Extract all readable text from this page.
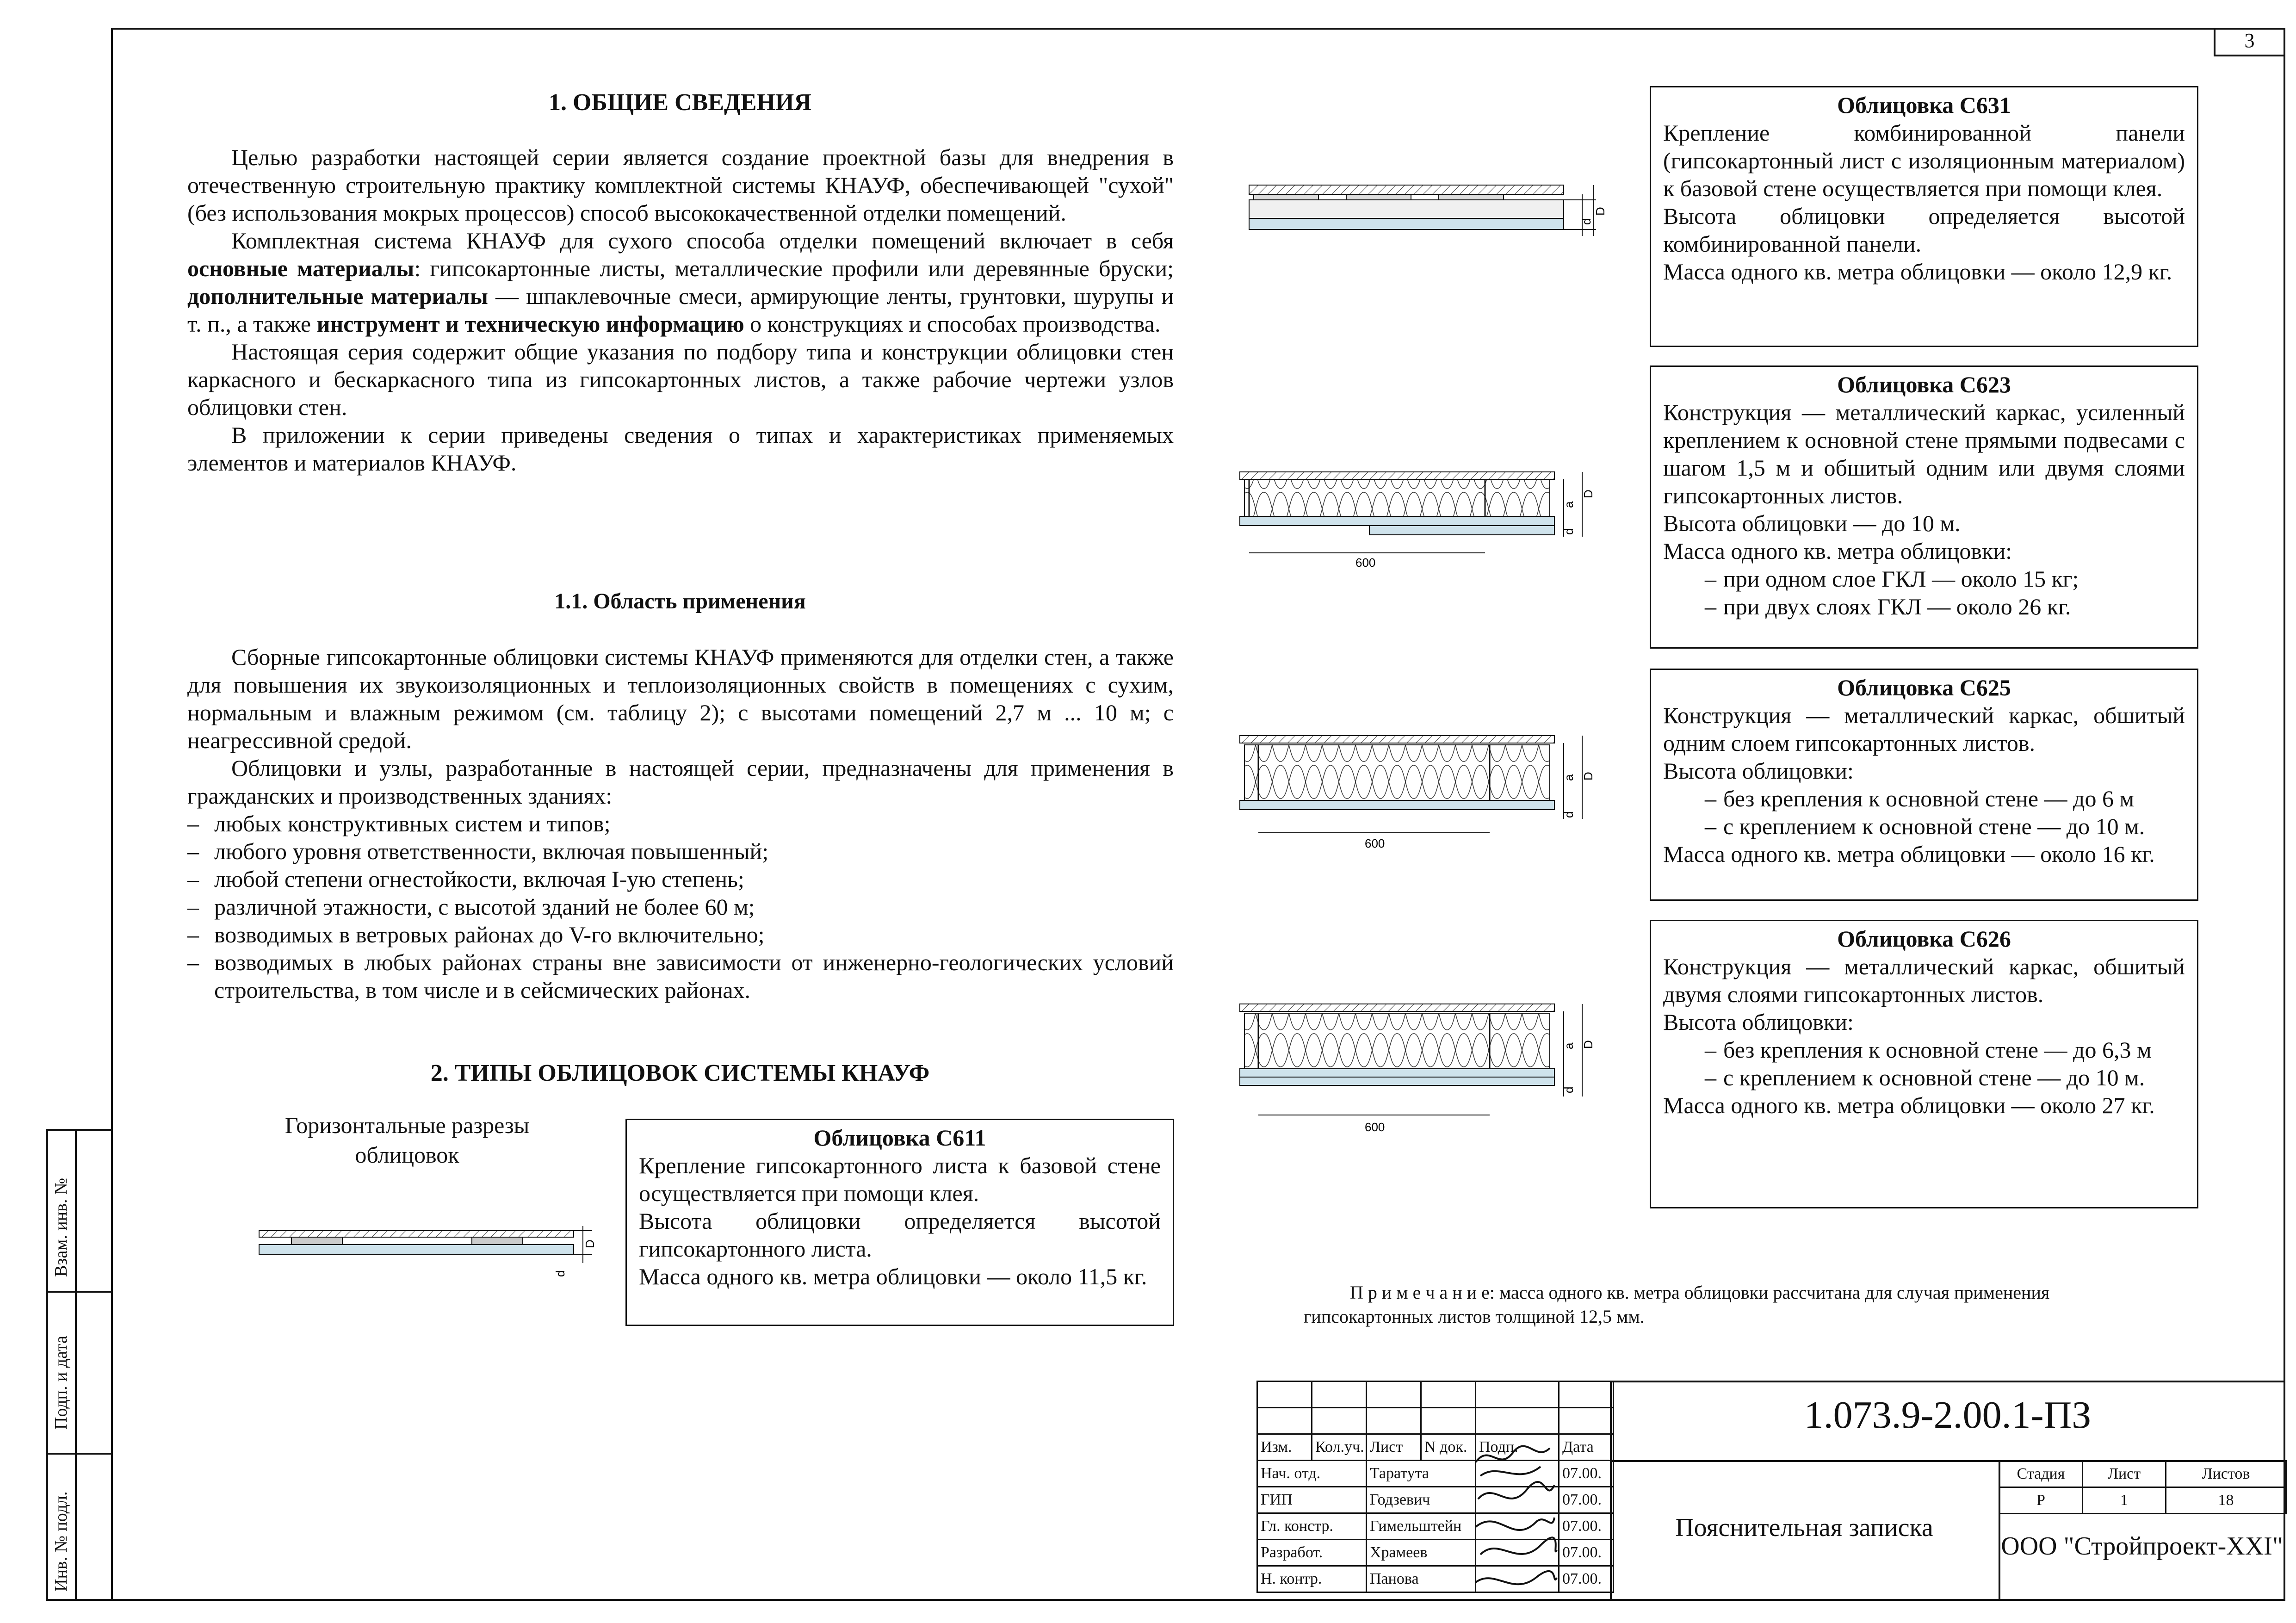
3
Взам. инв. №
Подп. и дата
Инв. № подл.
1. ОБЩИЕ СВЕДЕНИЯ

Целью разработки настоящей серии является создание проектной базы для внедрения в отечественную строительную практику комплектной системы КНАУФ, обеспечивающей "сухой" (без использования мокрых процессов) способ высококачественной отделки помещений.

Комплектная система КНАУФ для сухого способа отделки помещений включает в себя основные материалы: гипсокартонные листы, металлические профили или деревянные бруски; дополнительные материалы — шпаклевочные смеси, армирующие ленты, грунтовки, шурупы и т. п., а также инструмент и техническую информацию о конструкциях и способах производства.

Настоящая серия содержит общие указания по подбору типа и конструкции облицовки стен каркасного и бескаркасного типа из гипсокартонных листов, а также рабочие чертежи узлов облицовки стен.

В приложении к серии приведены сведения о типах и характеристиках применяемых элементов и материалов КНАУФ.

1.1. Область применения

Сборные гипсокартонные облицовки системы КНАУФ применяются для отделки стен, а также для повышения их звукоизоляционных и теплоизоляционных свойств в помещениях с сухим, нормальным и влажным режимом (см. таблицу 2); с высотами помещений 2,7 м ... 10 м; с неагрессивной средой.

Облицовки и узлы, разработанные в настоящей серии, предназначены для применения в гражданских и производственных зданиях:

– любых конструктивных систем и типов;
– любого уровня ответственности, включая повышенный;
– любой степени огнестойкости, включая I-ую степень;
– различной этажности, с высотой зданий не более 60 м;
– возводимых в ветровых районах до V-го включительно;
– возводимых в любых районах страны вне зависимости от инженерно-геологических условий строительства, в том числе и в сейсмических районах.
2. ТИПЫ ОБЛИЦОВОК СИСТЕМЫ КНАУФ
Горизонтальные разрезы облицовок
D
d
Облицовка С611

Крепление гипсокартонного листа к базовой стене осуществляется при помощи клея.

Высота облицовки определяется высотой гипсокартонного листа.

Масса одного кв. метра облицовки — около 11,5 кг.

Облицовка С631

Крепление комбинированной панели (гипсокартонный лист с изоляционным материалом) к базовой стене осуществляется при помощи клея.

Высота облицовки определяется высотой комбинированной панели.

Масса одного кв. метра облицовки — около 12,9 кг.

d
D
Облицовка С623

Конструкция — металлический каркас, усиленный креплением к основной стене прямыми подвесами с шагом 1,5 м и обшитый одним или двумя слоями гипсокартонных листов.

Высота облицовки — до 10 м.

Масса одного кв. метра облицовки:

– при одном слое ГКЛ — около 15 кг;
– при двух слоях ГКЛ — около 26 кг.
600
a
d
D
Облицовка С625

Конструкция — металлический каркас, обшитый одним слоем гипсокартонных листов.

Высота облицовки:

– без крепления к основной стене — до 6 м
– с креплением к основной стене — до 10 м.

Масса одного кв. метра облицовки — около 16 кг.

600
a
d
D
Облицовка С626

Конструкция — металлический каркас, обшитый двумя слоями гипсокартонных листов.

Высота облицовки:

– без крепления к основной стене — до 6,3 м
– с креплением к основной стене — до 10 м.

Масса одного кв. метра облицовки — около 27 кг.

600
a
d
D
П р и м е ч а н и е: масса одного кв. метра облицовки рассчитана для случая применения гипсокартонных листов толщиной 12,5 мм.

Изм.	Кол.уч.	Лист	N док.	Подп.	Дата
Нач. отд.		Таратута			07.00.
ГИП		Годзевич			07.00.
Гл. констр.		Гимельштейн			07.00.
Разработ.		Храмеев			07.00.
Н. контр.		Панова			07.00.
1.073.9-2.00.1-ПЗ
Пояснительная записка
Стадия	Лист	Листов
Р	1	18
ООО "Стройпроект-XXI"
